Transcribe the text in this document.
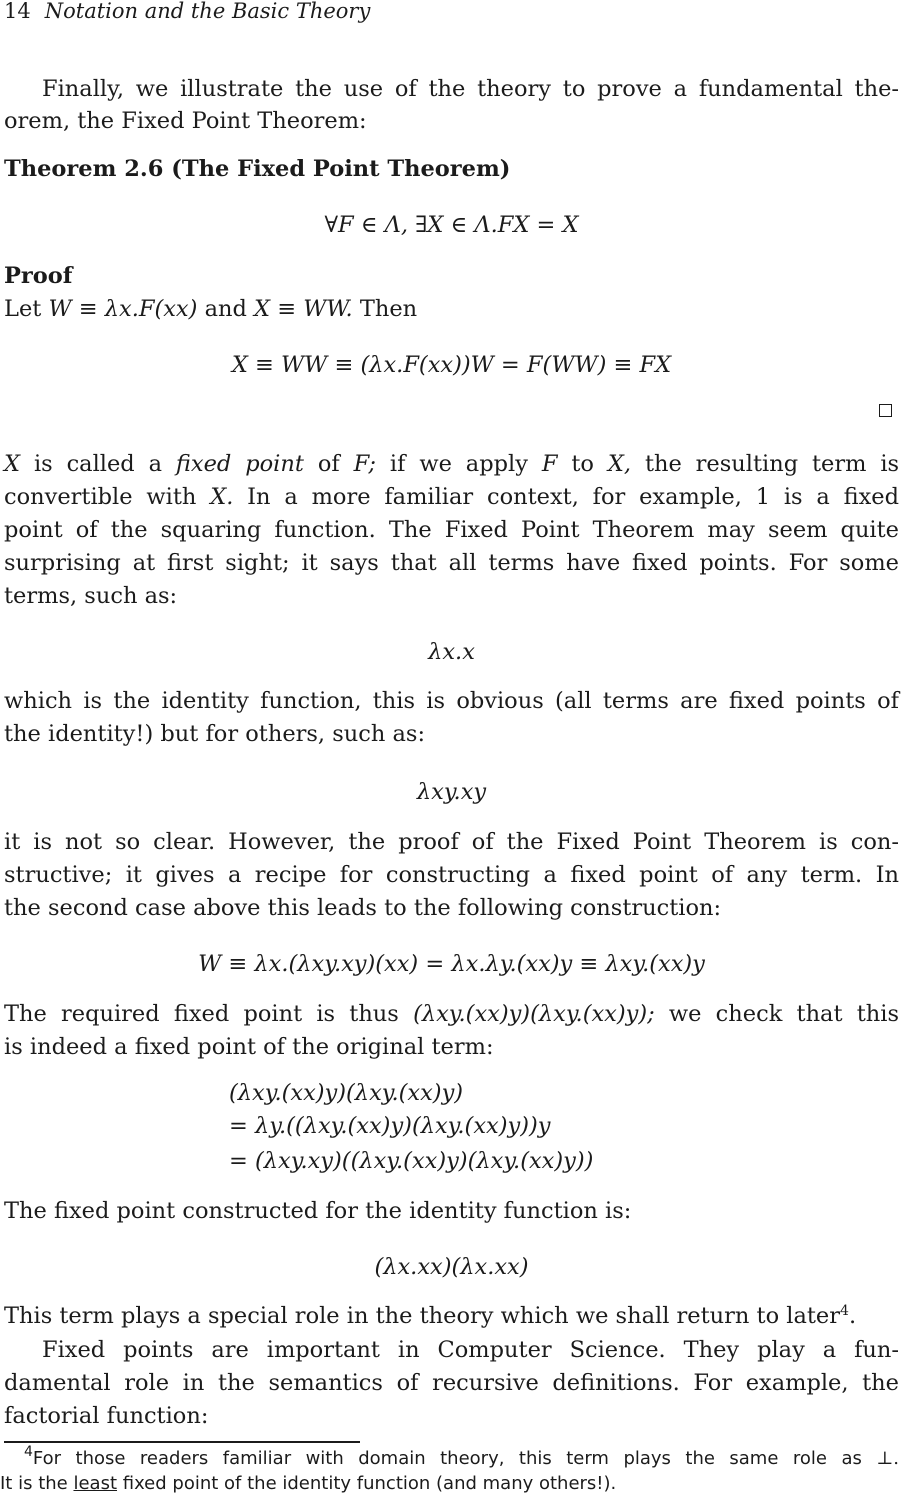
14 Notation and the Basic Theory
Finally, we illustrate the use of the theory to prove a fundamental the-
orem, the Fixed Point Theorem:
Theorem 2.6 (The Fixed Point Theorem)
∀F ∈ Λ, ∃X ∈ Λ.FX = X
Proof
Let W ≡ λx.F(xx) and X ≡ WW. Then
X ≡ WW ≡ (λx.F(xx))W = F(WW) ≡ FX
X is called a fixed point of F; if we apply F to X, the resulting term is
convertible with X. In a more familiar context, for example, 1 is a fixed
point of the squaring function. The Fixed Point Theorem may seem quite
surprising at first sight; it says that all terms have fixed points. For some
terms, such as:
λx.x
which is the identity function, this is obvious (all terms are fixed points of
the identity!) but for others, such as:
λxy.xy
it is not so clear. However, the proof of the Fixed Point Theorem is con-
structive; it gives a recipe for constructing a fixed point of any term. In
the second case above this leads to the following construction:
W ≡ λx.(λxy.xy)(xx) = λx.λy.(xx)y ≡ λxy.(xx)y
The required fixed point is thus (λxy.(xx)y)(λxy.(xx)y); we check that this
is indeed a fixed point of the original term:
(λxy.(xx)y)(λxy.(xx)y)
= λy.((λxy.(xx)y)(λxy.(xx)y))y
= (λxy.xy)((λxy.(xx)y)(λxy.(xx)y))
The fixed point constructed for the identity function is:
(λx.xx)(λx.xx)
This term plays a special role in the theory which we shall return to later$^4$.
Fixed points are important in Computer Science. They play a fun-
damental role in the semantics of recursive definitions. For example, the
factorial function:
$^4$For those readers familiar with domain theory, this term plays the same role as ⊥.
It is the least fixed point of the identity function (and many others!).
